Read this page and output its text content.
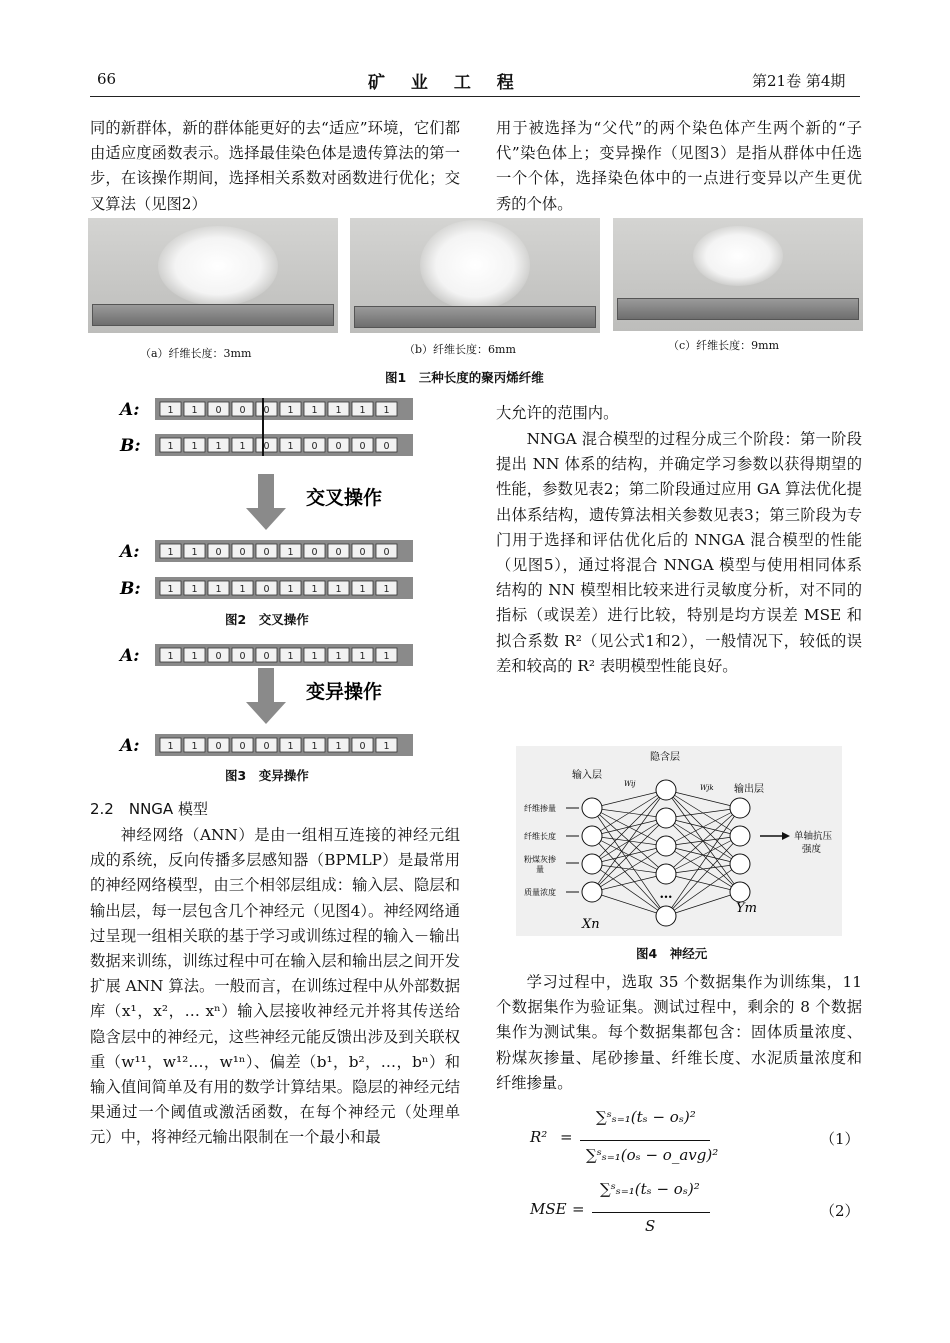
66	矿 业 工 程	第21卷 第4期
同的新群体，新的群体能更好的去“适应”环境，它们都由适应度函数表示。选择最佳染色体是遗传算法的第一步，在该操作期间，选择相关系数对函数进行优化；交叉算法（见图2）
用于被选择为“父代”的两个染色体产生两个新的“子代”染色体上；变异操作（见图3）是指从群体中任选一个个体，选择染色体中的一点进行变异以产生更优秀的个体。
（a）纤维长度：3mm	（b）纤维长度：6mm	（c）纤维长度：9mm
图1　三种长度的聚丙烯纤维
A:	1 1 0 0 0 1 1 1 1 1
B:	1 1 1 1 0 1 0 0 0 0
交叉操作
A:	1 1 0 0 0 1 0 0 0 0
B:	1 1 1 1 0 1 1 1 1 1
A:	1 1 0 0 0 1 1 1 1 1
变异操作
A:	1 1 0 0 0 1 1 1 0 1
图2　交叉操作
图3　变异操作
2.2　NNGA 模型
神经网络（ANN）是由一组相互连接的神经元组成的系统，反向传播多层感知器（BPMLP）是最常用的神经网络模型，由三个相邻层组成：输入层、隐层和输出层，每一层包含几个神经元（见图4）。神经网络通过呈现一组相关联的基于学习或训练过程的输入－输出数据来训练，训练过程中可在输入层和输出层之间开发扩展 ANN 算法。一般而言，在训练过程中从外部数据库（x¹，x²，… xⁿ）输入层接收神经元并将其传送给隐含层中的神经元，这些神经元能反馈出涉及到关联权重（w¹¹，w¹²…，w¹ⁿ）、偏差（b¹，b²，…，bⁿ）和输入值间简单及有用的数学计算结果。隐层的神经元结果通过一个阈值或激活函数，在每个神经元（处理单元）中，将神经元输出限制在一个最小和最
大允许的范围内。
NNGA 混合模型的过程分成三个阶段：第一阶段提出 NN 体系的结构，并确定学习参数以获得期望的性能，参数见表2；第二阶段通过应用 GA 算法优化提出体系结构，遗传算法相关参数见表3；第三阶段为专门用于选择和评估优化后的 NNGA 混合模型的性能（见图5），通过将混合 NNGA 模型与使用相同体系结构的 NN 模型相比较来进行灵敏度分析，对不同的指标（或误差）进行比较，特别是均方误差 MSE 和拟合系数 R²（见公式1和2），一般情况下，较低的误差和较高的 R² 表明模型性能良好。
…
隐含层
输入层
输出层
Wij	Wjk
纤维掺量
纤维长度
粉煤灰掺
量
质量浓度
单轴抗压
强度
Xn
Ym
图4　神经元
学习过程中，选取 35 个数据集作为训练集，11 个数据集作为验证集。测试过程中，剩余的 8 个数据集作为测试集。每个数据集都包含：固体质量浓度、粉煤灰掺量、尾砂掺量、纤维长度、水泥质量浓度和纤维掺量。
R² =
∑ˢₛ₌₁(tₛ − oₛ)²
∑ˢₛ₌₁(oₛ − o_avg)²
（1）
MSE =
∑ˢₛ₌₁(tₛ − oₛ)²
S
（2）
